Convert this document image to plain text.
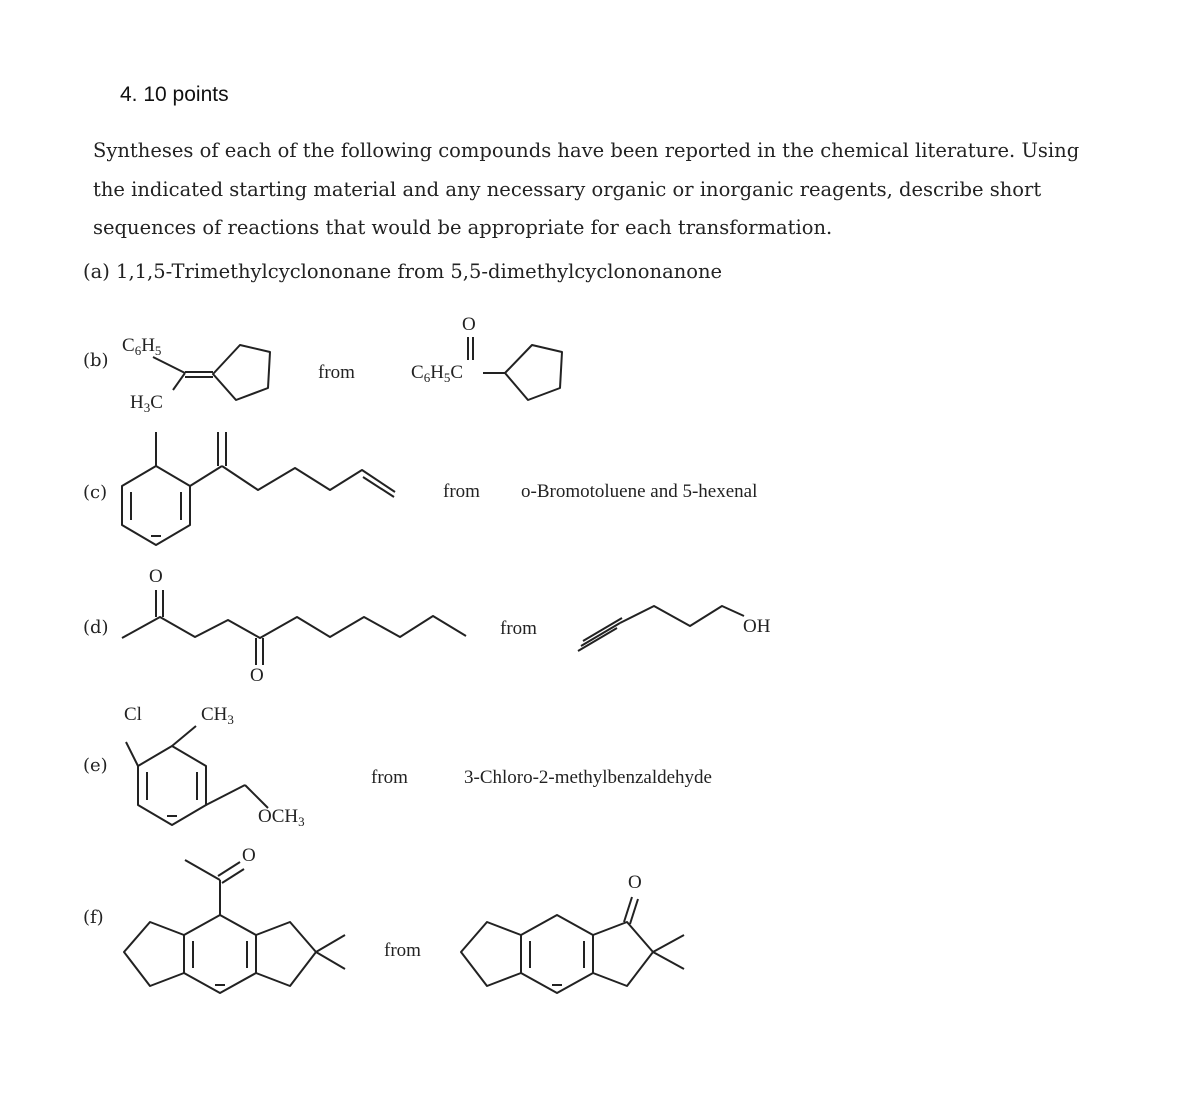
4. 10 points
Syntheses of each of the following compounds have been reported in the chemical literature. Using
the indicated starting material and any necessary organic or inorganic reagents, describe short
sequences of reactions that would be appropriate for each transformation.
(a) 1,1,5-Trimethylcyclononane from 5,5-dimethylcyclononanone
(b)
(c)
(d)
(e)
(f)
$C_6H_5$
$H_3C$
from
O
$C_6H_5C$
from o-Bromotoluene and 5-hexenal
O
O
from	OH
Cl	$CH_3$
$OCH_3$
from	3-Chloro-2-methylbenzaldehyde
O
from
O
